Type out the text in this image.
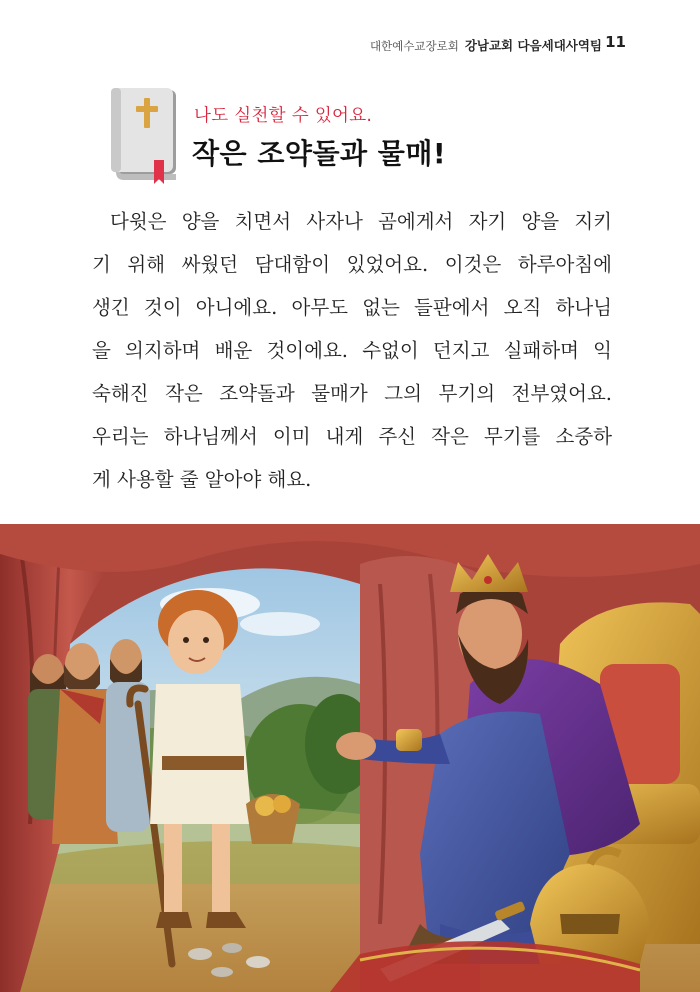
대한예수교장로회 강남교회 다음세대사역팀 11
나도 실천할 수 있어요.
작은 조약돌과 물매!

다윗은 양을 치면서 사자나 곰에게서 자기 양을 지키
기 위해 싸웠던 담대함이 있었어요. 이것은 하루아침에
생긴 것이 아니에요. 아무도 없는 들판에서 오직 하나님
을 의지하며 배운 것이에요. 수없이 던지고 실패하며 익
숙해진 작은 조약돌과 물매가 그의 무기의 전부였어요.
우리는 하나님께서 이미 내게 주신 작은 무기를 소중하
게 사용할 줄 알아야 해요.
